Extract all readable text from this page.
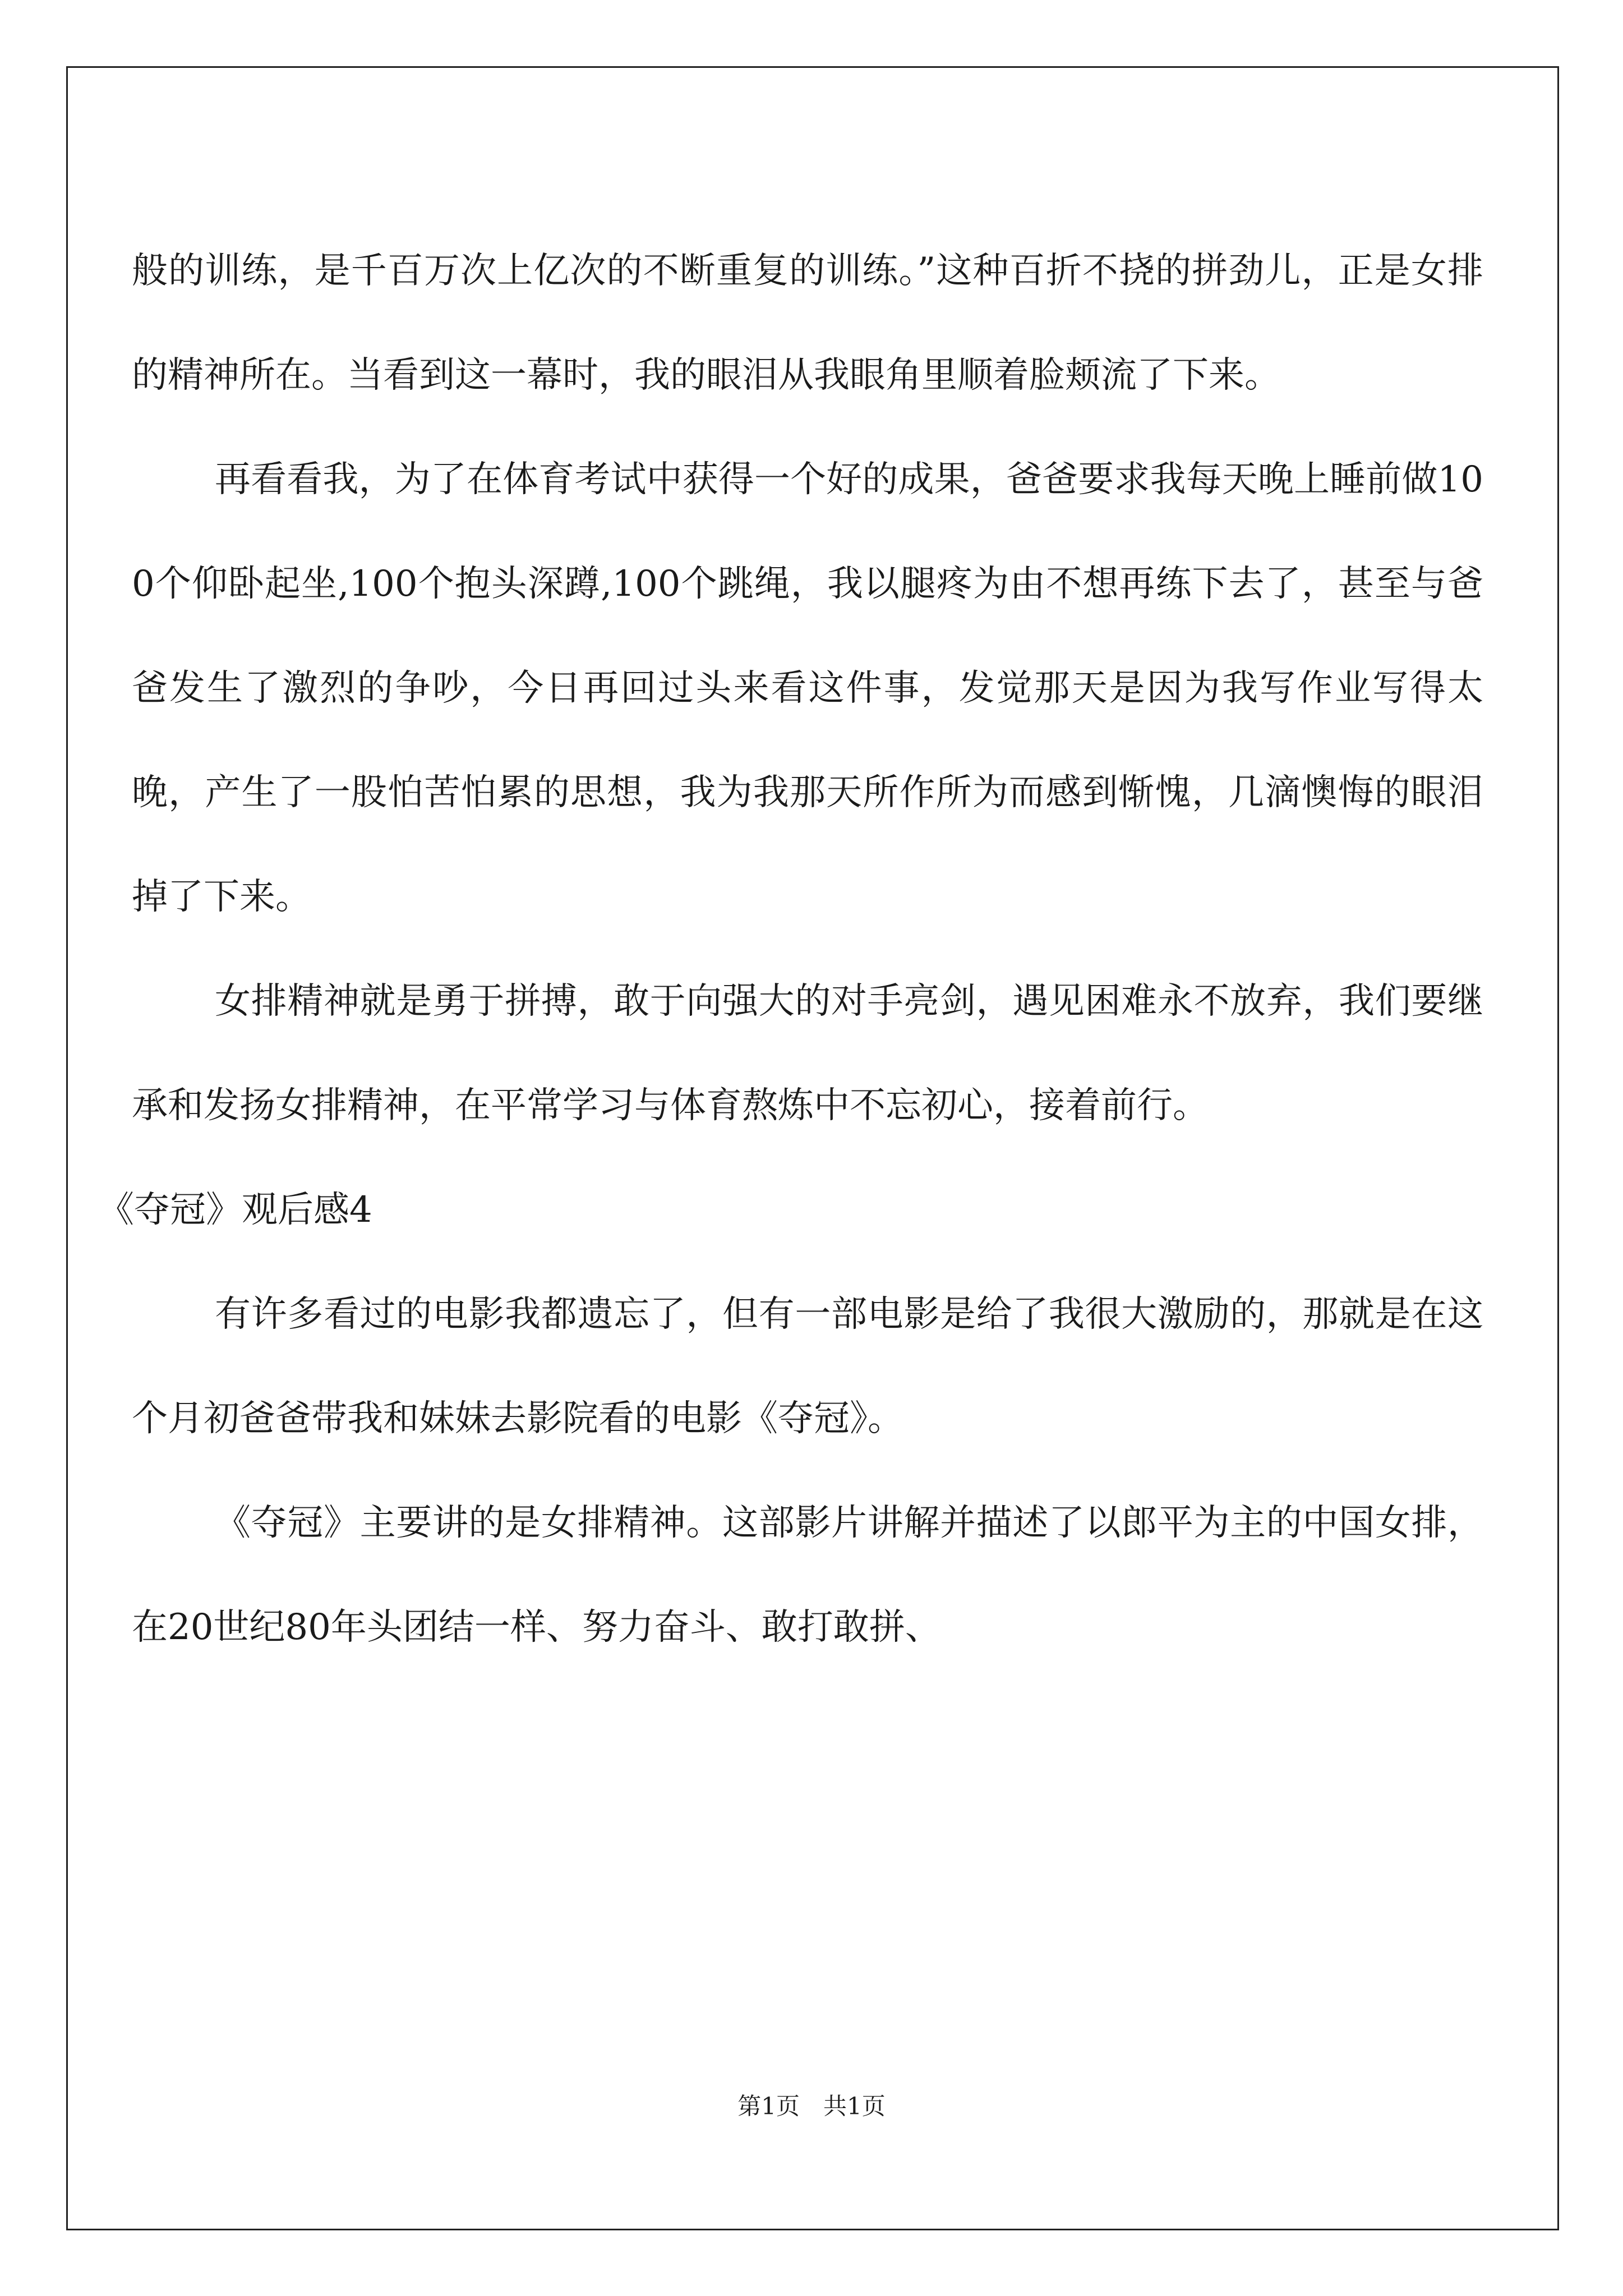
般的训练，是千百万次上亿次的不断重复的训练。”这种百折不挠的拼劲儿，正是女排的精神所在。当看到这一幕时，我的眼泪从我眼角里顺着脸颊流了下来。

再看看我，为了在体育考试中获得一个好的成果，爸爸要求我每天晚上睡前做100个仰卧起坐,100个抱头深蹲,100个跳绳，我以腿疼为由不想再练下去了，甚至与爸爸发生了激烈的争吵，今日再回过头来看这件事，发觉那天是因为我写作业写得太晚，产生了一股怕苦怕累的思想，我为我那天所作所为而感到惭愧，几滴懊悔的眼泪掉了下来。

女排精神就是勇于拼搏，敢于向强大的对手亮剑，遇见困难永不放弃，我们要继承和发扬女排精神，在平常学习与体育熬炼中不忘初心，接着前行。

《夺冠》观后感4

有许多看过的电影我都遗忘了，但有一部电影是给了我很大激励的，那就是在这个月初爸爸带我和妹妹去影院看的电影《夺冠》。

《夺冠》主要讲的是女排精神。这部影片讲解并描述了以郎平为主的中国女排，在20世纪80年头团结一样、努力奋斗、敢打敢拼、

第1页　共1页
